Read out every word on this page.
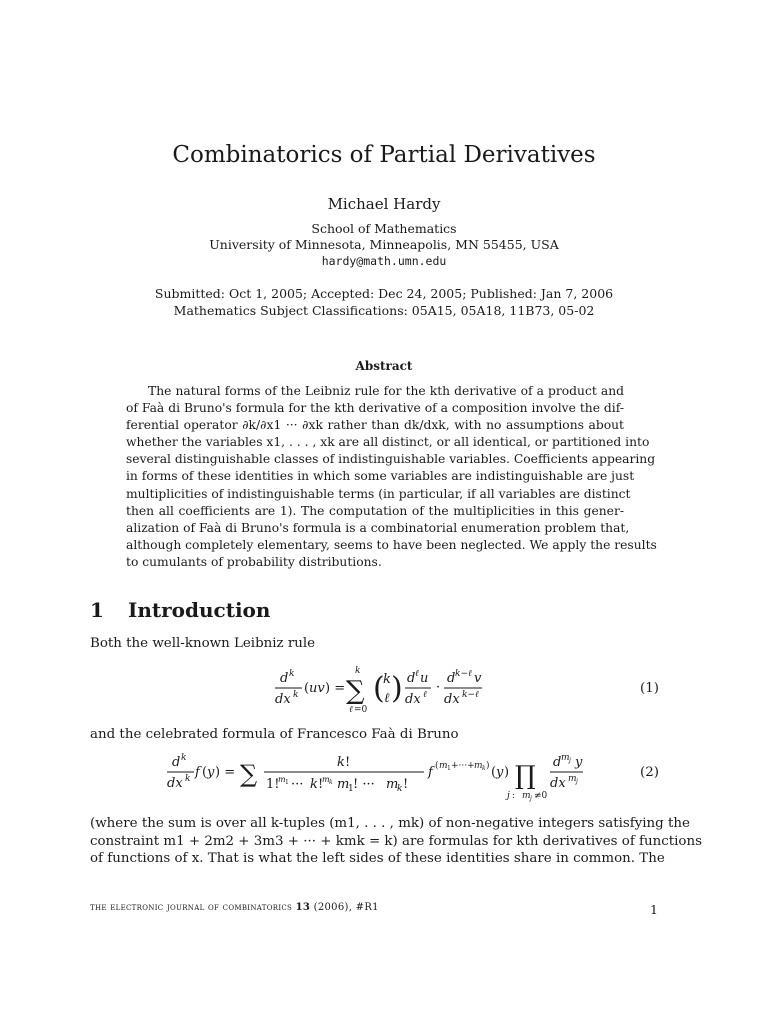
Combinatorics of Partial Derivatives
Michael Hardy
School of Mathematics
University of Minnesota, Minneapolis, MN 55455, USA
hardy@math.umn.edu
Submitted: Oct 1, 2005; Accepted: Dec 24, 2005; Published: Jan 7, 2006
Mathematics Subject Classifications: 05A15, 05A18, 11B73, 05-02
Abstract
The natural forms of the Leibniz rule for the kth derivative of a product and
of Faà di Bruno's formula for the kth derivative of a composition involve the dif-
ferential operator ∂k/∂x1 ··· ∂xk rather than dk/dxk, with no assumptions about
whether the variables x1, . . . , xk are all distinct, or all identical, or partitioned into
several distinguishable classes of indistinguishable variables. Coefficients appearing
in forms of these identities in which some variables are indistinguishable are just
multiplicities of indistinguishable terms (in particular, if all variables are distinct
then all coefficients are 1). The computation of the multiplicities in this gener-
alization of Faà di Bruno's formula is a combinatorial enumeration problem that,
although completely elementary, seems to have been neglected. We apply the results
to cumulants of probability distributions.
1 Introduction
Both the well-known Leibniz rule
d k
dx k ( uv ) =
k
∑
ℓ =0
(
k
ℓ ) d ℓ u
dx ℓ ·
d k−ℓ v
dx k−ℓ	(1)
and the celebrated formula of Francesco Faà di Bruno
d k
dx k f ( y ) = ∑	k !
1!
m 1 ··· k !
m k m
1 ! ··· m
k !
f ( m 1 +···+ m k ) ( y ) ∏
j : m j ≠0
d m j y
dx m j
(2)
(where the sum is over all k-tuples (m1, . . . , mk) of non-negative integers satisfying the
constraint m1 + 2m2 + 3m3 + ··· + kmk = k) are formulas for kth derivatives of functions
of functions of x. That is what the left sides of these identities share in common. The
the electronic journal of combinatorics 13 (2006), #R1	1
